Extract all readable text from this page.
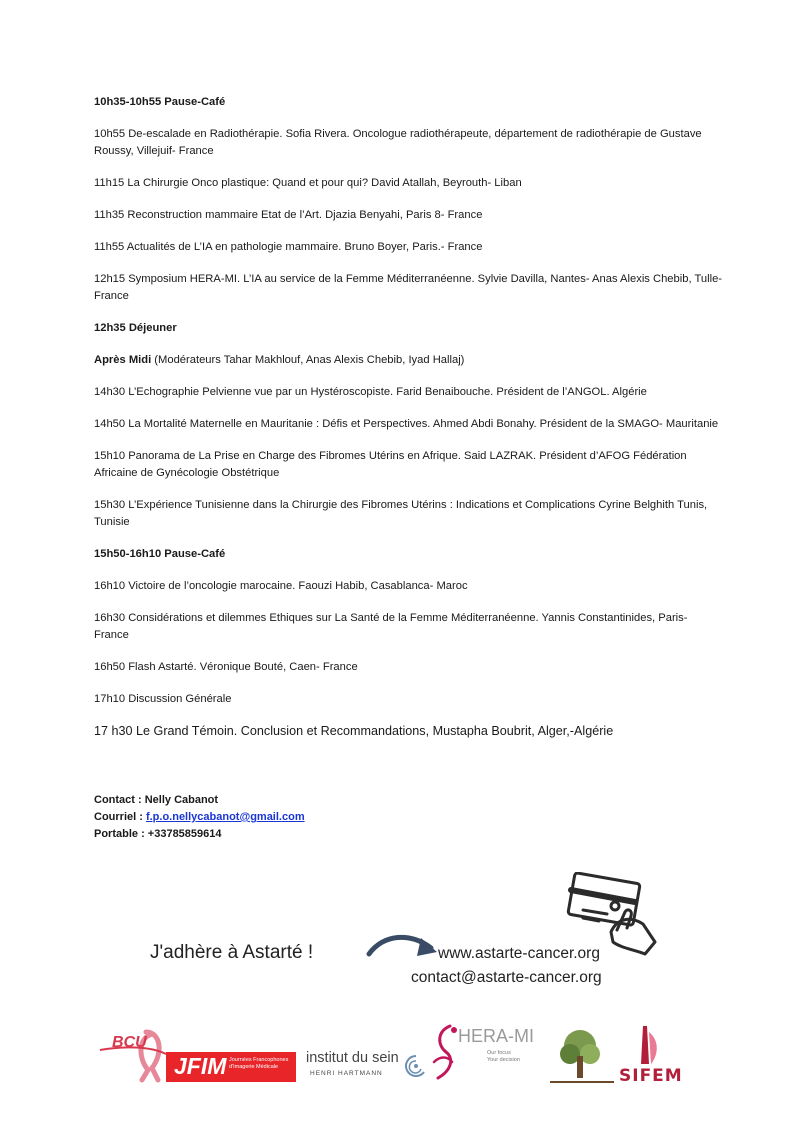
10h35-10h55 Pause-Café
10h55 De-escalade en Radiothérapie. Sofia Rivera. Oncologue radiothérapeute, département de radiothérapie de Gustave Roussy, Villejuif- France
11h15 La Chirurgie Onco plastique: Quand et pour qui? David Atallah, Beyrouth- Liban
11h35 Reconstruction mammaire Etat de l’Art. Djazia Benyahi, Paris 8- France
11h55 Actualités de L’IA en pathologie mammaire. Bruno Boyer, Paris.- France
12h15 Symposium HERA-MI. L’IA au service de la Femme Méditerranéenne. Sylvie Davilla, Nantes- Anas Alexis Chebib, Tulle- France
12h35 Déjeuner
Après Midi (Modérateurs Tahar Makhlouf, Anas Alexis Chebib, Iyad Hallaj)
14h30 L’Echographie Pelvienne vue par un Hystéroscopiste. Farid Benaibouche. Président de l’ANGOL. Algérie
14h50 La Mortalité Maternelle en Mauritanie : Défis et Perspectives. Ahmed Abdi Bonahy. Président de la SMAGO- Mauritanie
15h10 Panorama de La Prise en Charge des Fibromes Utérins en Afrique. Said LAZRAK. Président d’AFOG Fédération Africaine de Gynécologie Obstétrique
15h30 L’Expérience Tunisienne dans la Chirurgie des Fibromes Utérins : Indications et Complications Cyrine Belghith Tunis, Tunisie
15h50-16h10 Pause-Café
16h10 Victoire de l’oncologie marocaine. Faouzi Habib, Casablanca- Maroc
16h30 Considérations et dilemmes Ethiques sur La Santé de la Femme Méditerranéenne. Yannis Constantinides, Paris- France
16h50 Flash Astarté. Véronique Bouté, Caen- France
17h10 Discussion Générale
17 h30 Le Grand Témoin. Conclusion et Recommandations, Mustapha Boubrit, Alger,-Algérie
Contact : Nelly Cabanot
Courriel : f.p.o.nellycabanot@gmail.com
Portable : +33785859614
J'adhère à Astarté !	www.astarte-cancer.org
contact@astarte-cancer.org
BCU
JFIM Journées Francophones d'Imagerie Médicale
institut du sein
HENRI HARTMANN
HERA-MI
Our focus
Your decision
SIFEM
